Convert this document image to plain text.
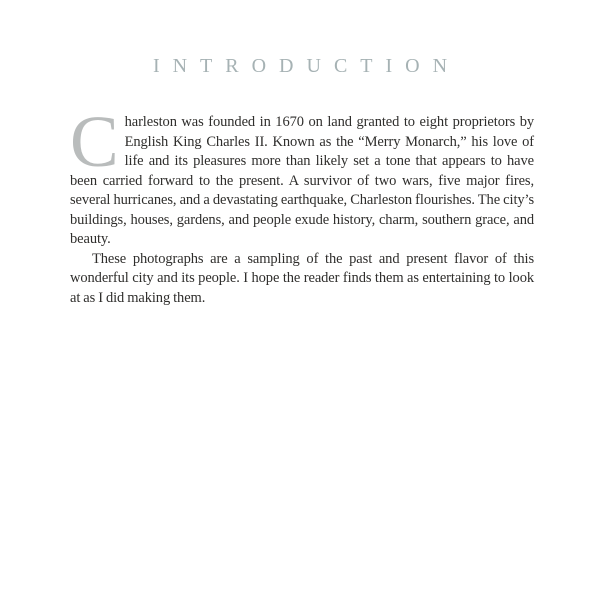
INTRODUCTION

Charleston was founded in 1670 on land granted to eight proprietors by English King Charles II. Known as the “Merry Monarch,” his love of life and its pleasures more than likely set a tone that appears to have been carried forward to the present. A survivor of two wars, five major fires, several hurricanes, and a devastating earthquake, Charleston flourishes. The city’s buildings, houses, gardens, and people exude history, charm, southern grace, and beauty.

These photographs are a sampling of the past and present flavor of this wonderful city and its people. I hope the reader finds them as entertaining to look at as I did making them.
